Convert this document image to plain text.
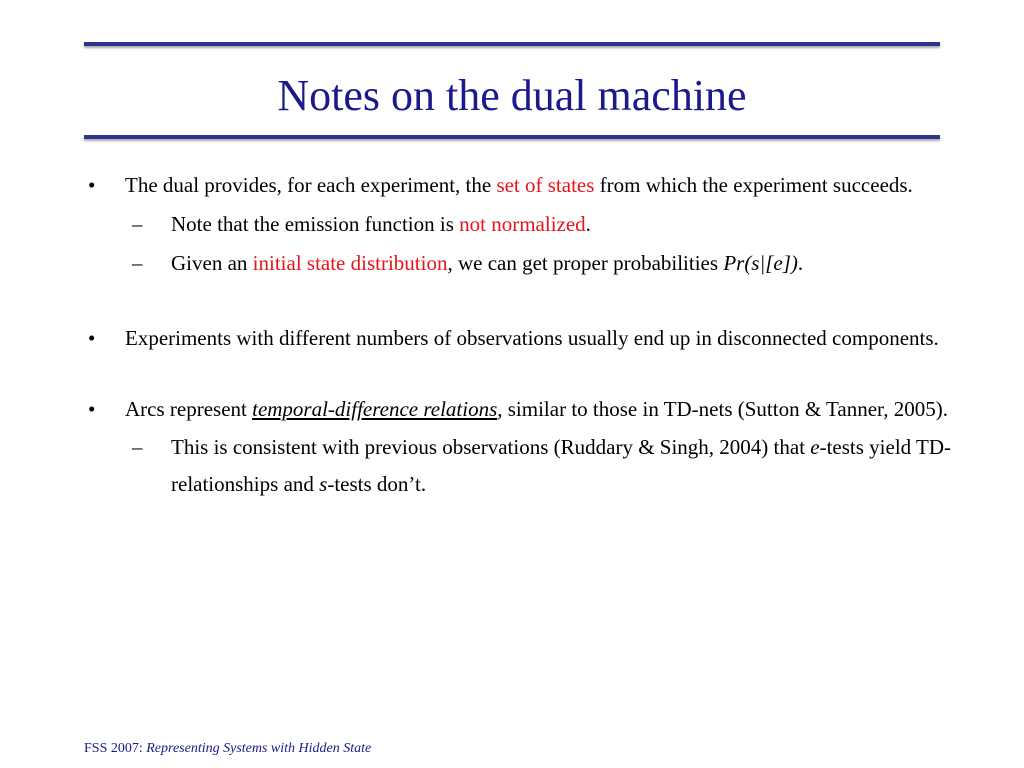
Notes on the dual machine
• The dual provides, for each experiment, the set of states from which the experiment succeeds.
– Note that the emission function is not normalized.
– Given an initial state distribution, we can get proper probabilities Pr(s|[e]).
• Experiments with different numbers of observations usually end up in disconnected components.
• Arcs represent temporal-difference relations, similar to those in TD-nets (Sutton & Tanner, 2005).
– This is consistent with previous observations (Ruddary & Singh, 2004) that e-tests yield TD-relationships and s-tests don’t.
FSS 2007: Representing Systems with Hidden State
